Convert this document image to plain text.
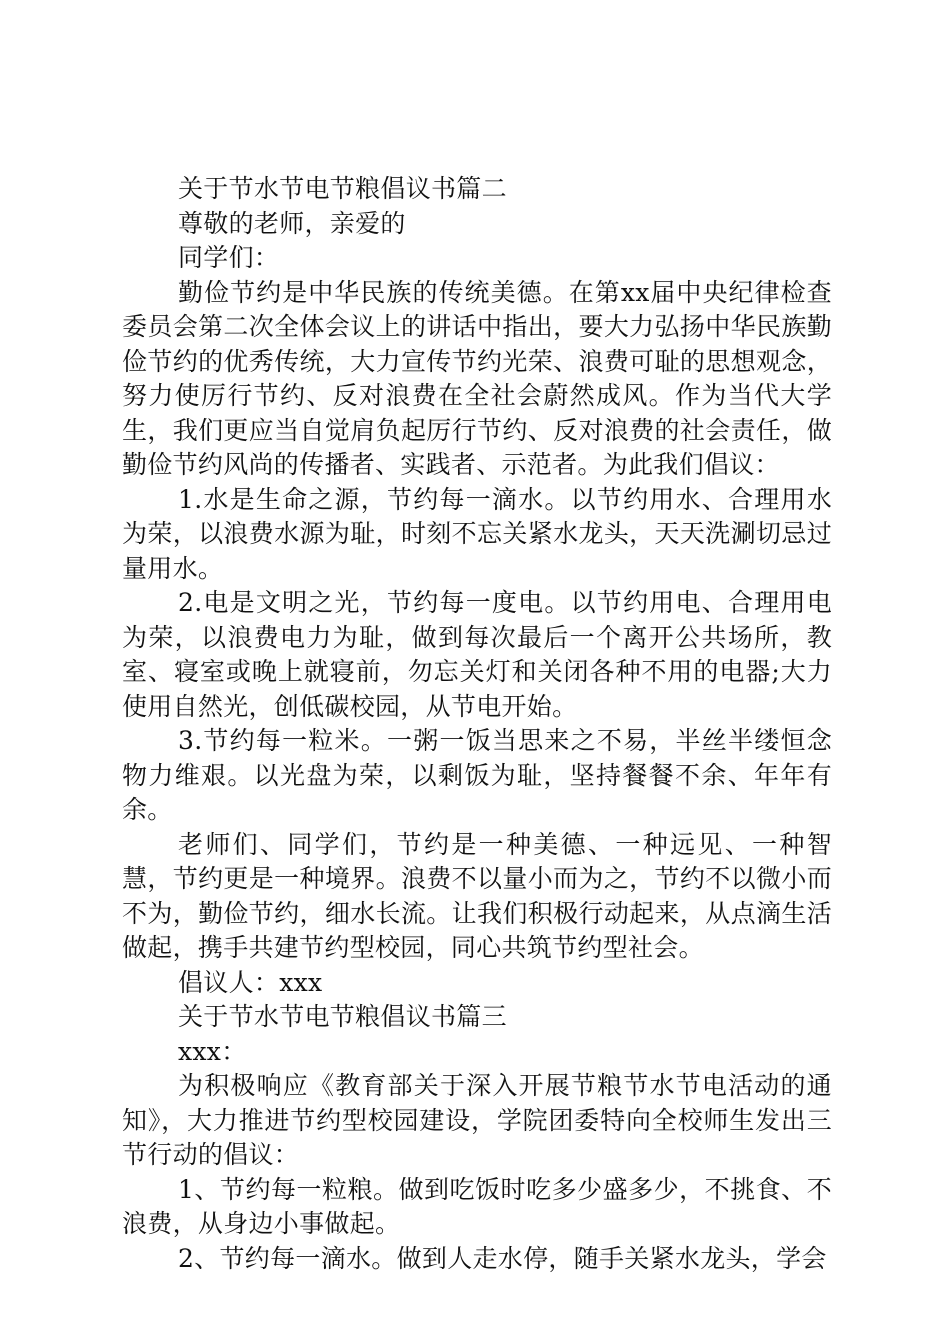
关于节水节电节粮倡议书篇二

尊敬的老师，亲爱的

同学们：

勤俭节约是中华民族的传统美德。在第xx届中央纪律检查委员会第二次全体会议上的讲话中指出，要大力弘扬中华民族勤俭节约的优秀传统，大力宣传节约光荣、浪费可耻的思想观念，努力使厉行节约、反对浪费在全社会蔚然成风。作为当代大学生，我们更应当自觉肩负起厉行节约、反对浪费的社会责任，做勤俭节约风尚的传播者、实践者、示范者。为此我们倡议：

1.水是生命之源，节约每一滴水。以节约用水、合理用水为荣，以浪费水源为耻，时刻不忘关紧水龙头，天天洗涮切忌过量用水。

2.电是文明之光，节约每一度电。以节约用电、合理用电为荣，以浪费电力为耻，做到每次最后一个离开公共场所，教室、寝室或晚上就寝前，勿忘关灯和关闭各种不用的电器;大力使用自然光，创低碳校园，从节电开始。

3.节约每一粒米。一粥一饭当思来之不易，半丝半缕恒念物力维艰。以光盘为荣，以剩饭为耻，坚持餐餐不余、年年有余。

老师们、同学们，节约是一种美德、一种远见、一种智慧，节约更是一种境界。浪费不以量小而为之，节约不以微小而不为，勤俭节约，细水长流。让我们积极行动起来，从点滴生活做起，携手共建节约型校园，同心共筑节约型社会。

倡议人：xxx

关于节水节电节粮倡议书篇三

xxx：

为积极响应《教育部关于深入开展节粮节水节电活动的通知》，大力推进节约型校园建设，学院团委特向全校师生发出三节行动的倡议：

1、节约每一粒粮。做到吃饭时吃多少盛多少，不挑食、不浪费，从身边小事做起。

2、节约每一滴水。做到人走水停，随手关紧水龙头，学会
